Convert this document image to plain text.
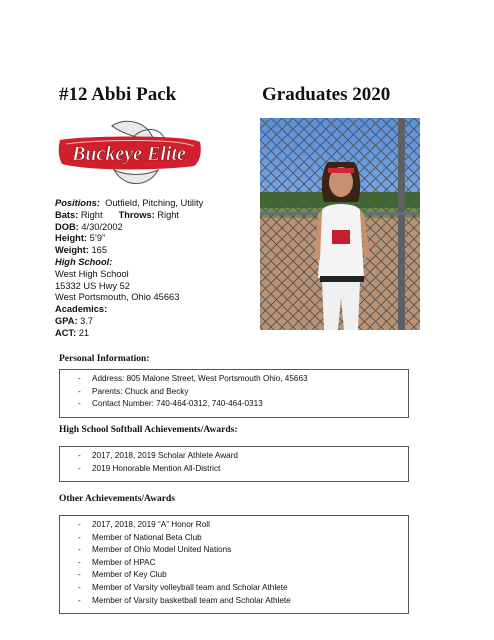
#12 Abbi Pack	Graduates 2020
Buckeye Elite
Positions: Outfield, Pitching, Utility
Bats: Right Throws: Right
DOB: 4/30/2002
Height: 5’9”
Weight: 165
High School:
West High School
15332 US Hwy 52
West Portsmouth, Ohio 45663
Academics:
GPA: 3.7
ACT: 21
Personal Information:
- Address: 805 Malone Street, West Portsmouth Ohio, 45663
- Parents: Chuck and Becky
- Contact Number: 740-464-0312, 740-464-0313
High School Softball Achievements/Awards:
- 2017, 2018, 2019 Scholar Athlete Award
- 2019 Honorable Mention All-District
Other Achievements/Awards
- 2017, 2018, 2019 “A” Honor Roll
- Member of National Beta Club
- Member of Ohio Model United Nations
- Member of HPAC
- Member of Key Club
- Member of Varsity volleyball team and Scholar Athlete
- Member of Varsity basketball team and Scholar Athlete
